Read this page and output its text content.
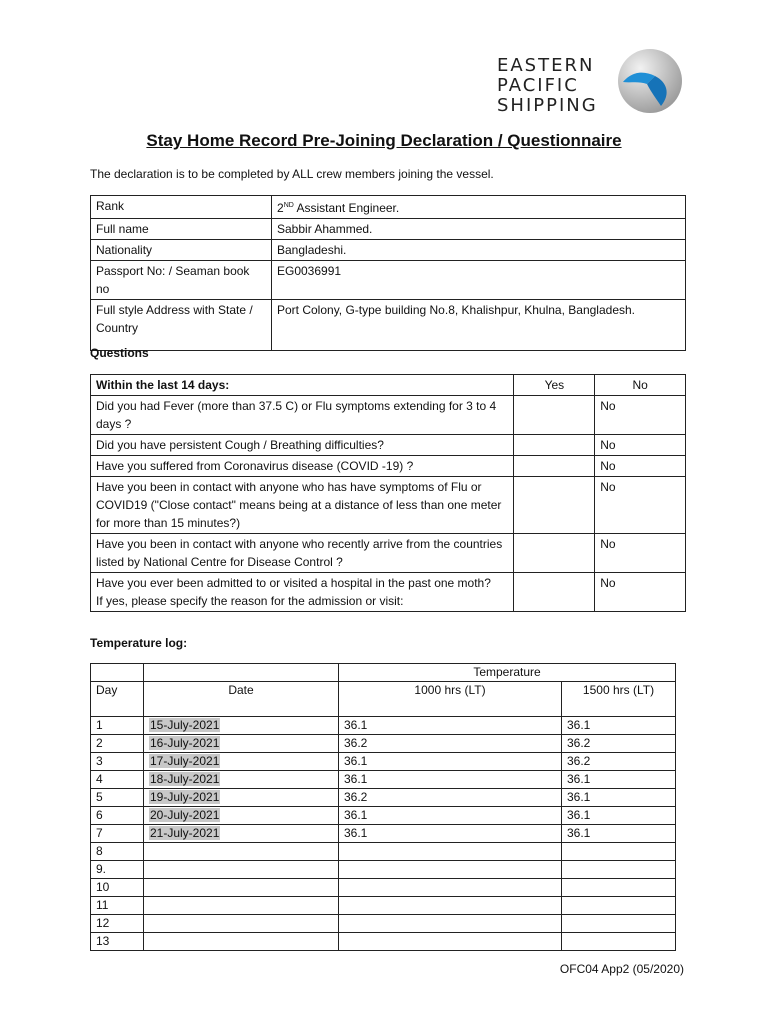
EASTERN
PACIFIC
SHIPPING
Stay Home Record Pre-Joining Declaration / Questionnaire
The declaration is to be completed by ALL crew members joining the vessel.
Rank	2ND Assistant Engineer.
Full name	Sabbir Ahammed.
Nationality	Bangladeshi.
Passport No: / Seaman book no	EG0036991
Full style Address with State / Country	Port Colony, G-type building No.8, Khalishpur, Khulna, Bangladesh.
Questions
Within the last 14 days:	Yes	No
Did you had Fever (more than 37.5 C) or Flu symptoms extending for 3 to 4 days ?		No
Did you have persistent Cough / Breathing difficulties?		No
Have you suffered from Coronavirus disease (COVID -19) ?		No
Have you been in contact with anyone who has have symptoms of Flu or COVID19 ("Close contact" means being at a distance of less than one meter for more than 15 minutes?)		No
Have you been in contact with anyone who recently arrive from the countries listed by National Centre for Disease Control ?		No

Have you ever been admitted to or visited a hospital in the past one moth?
If yes, please specify the reason for the admission or visit:		No
Temperature log:
		Temperature	
Day	Date	1000 hrs (LT)	1500 hrs (LT)
1	15-July-2021	36.1	36.1
2	16-July-2021	36.2	36.2
3	17-July-2021	36.1	36.2
4	18-July-2021	36.1	36.1
5	19-July-2021	36.2	36.1
6	20-July-2021	36.1	36.1
7	21-July-2021	36.1	36.1
8			
9.			
10			
11			
12			
13			
OFC04 App2 (05/2020)
